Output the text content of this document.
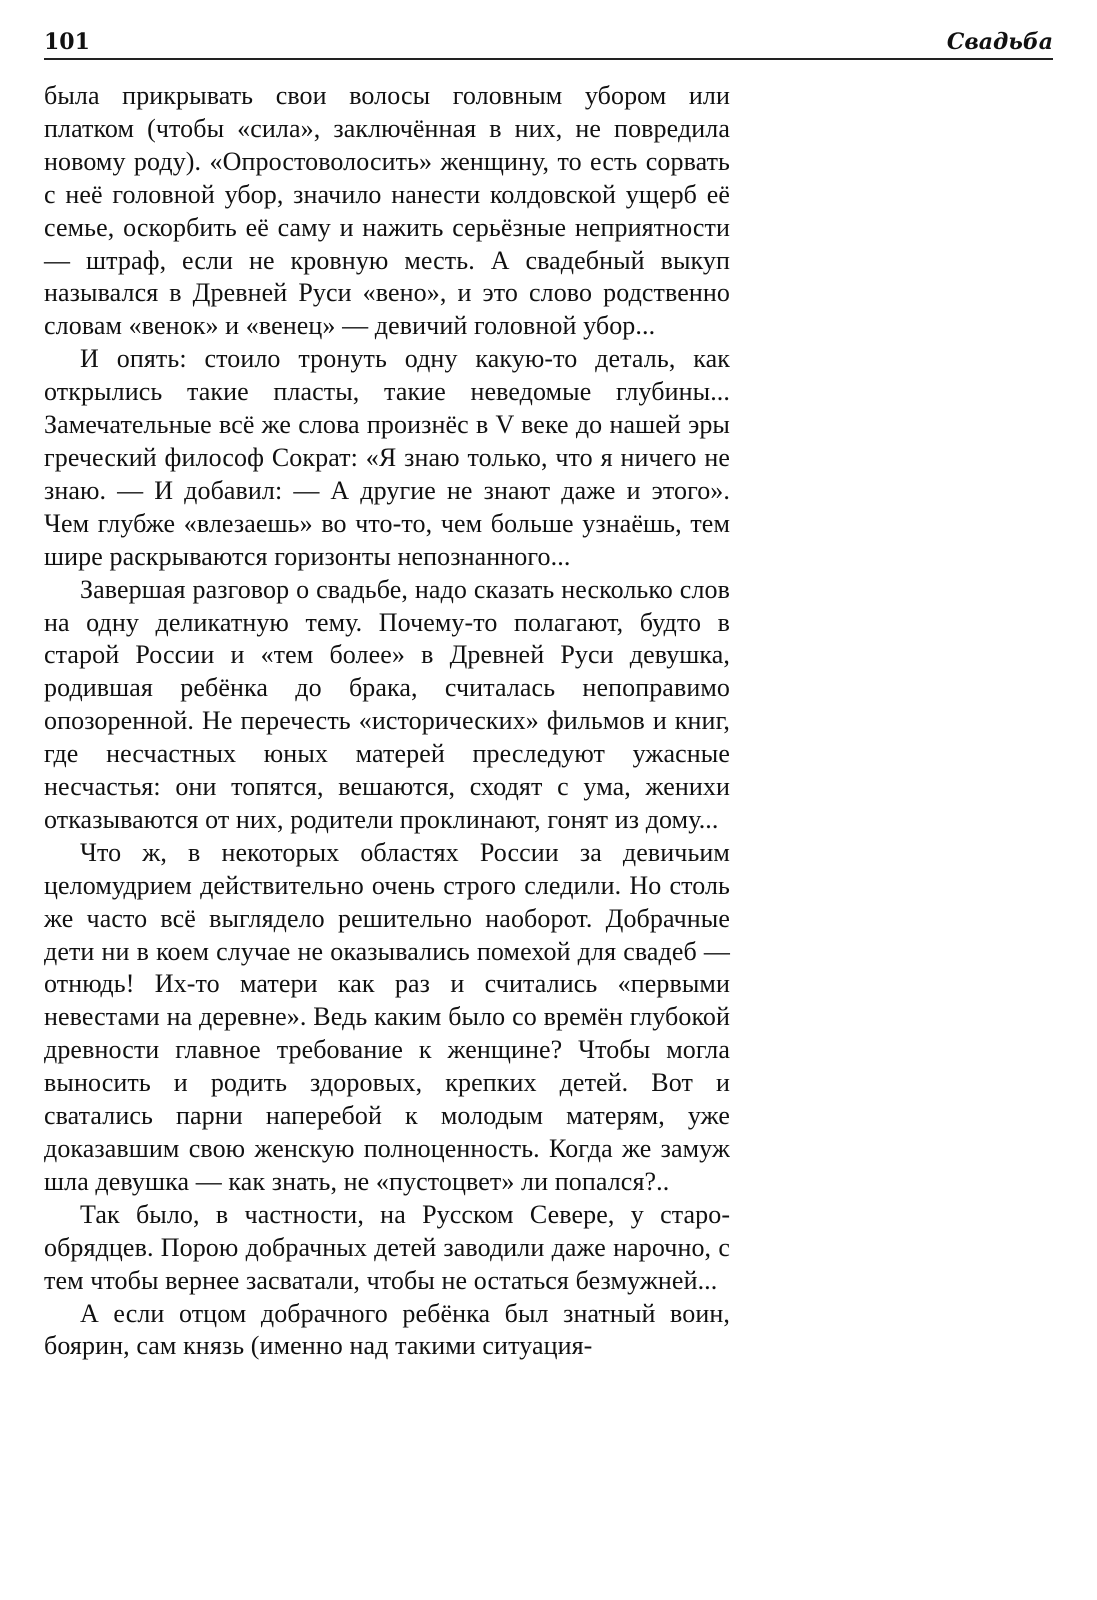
101	Свадьба

была прикрывать свои волосы головным убором или платком (чтобы «сила», заключённая в них, не повредила новому роду). «Опростоволосить» женщину, то есть сорвать с неё головной убор, значило нанести колдовской ущерб её семье, оскорбить её саму и нажить серьёзные неприятности — штраф, если не кровную месть. А свадебный выкуп назывался в Древней Руси «вено», и это слово родственно словам «венок» и «венец» — девичий головной убор...

И опять: стоило тронуть одну какую-то деталь, как открылись такие пласты, такие неведомые глубины... Замечательные всё же слова произнёс в V веке до нашей эры греческий философ Сократ: «Я знаю только, что я ничего не знаю. — И добавил: — А другие не знают даже и этого». Чем глубже «влезаешь» во что-то, чем больше узнаёшь, тем шире раскрываются горизонты непознанного...

Завершая разговор о свадьбе, надо сказать несколько слов на одну деликатную тему. Почему-то полагают, будто в старой России и «тем более» в Древней Руси девушка, родившая ребёнка до брака, считалась непоправимо опозоренной. Не перечесть «исторических» фильмов и книг, где несчастных юных матерей преследуют ужасные несчастья: они топятся, вешаются, сходят с ума, женихи отказываются от них, родители проклинают, гонят из дому...

Что ж, в некоторых областях России за девичьим целомудрием действительно очень строго следили. Но столь же часто всё выглядело решительно наоборот. Добрачные дети ни в коем случае не оказывались помехой для свадеб — отнюдь! Их-то матери как раз и считались «первыми невестами на деревне». Ведь каким было со времён глубокой древности главное требование к женщине? Чтобы могла выносить и родить здоровых, крепких детей. Вот и сватались парни наперебой к молодым матерям, уже доказавшим свою женскую полноценность. Когда же замуж шла девушка — как знать, не «пустоцвет» ли попался?..

Так было, в частности, на Русском Севере, у старообрядцев. Порою добрачных детей заводили даже нарочно, с тем чтобы вернее засватали, чтобы не остаться безмужней...

А если отцом добрачного ребёнка был знатный воин, боярин, сам князь (именно над такими ситуация-
